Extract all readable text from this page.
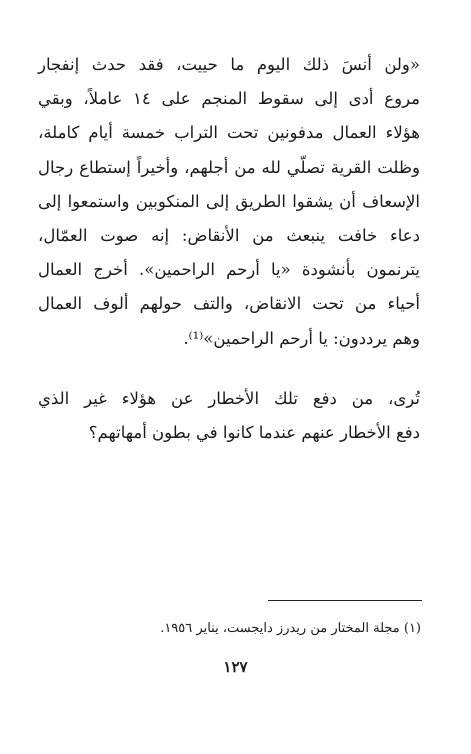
«ولن أنسَ ذلك اليوم ما حييت، فقد حدث إنفجار
مروع أدى إلى سقوط المنجم على ١٤ عاملاً، وبقي
هؤلاء العمال مدفونين تحت التراب خمسة أيام كاملة،
وظلت القرية تصلّي لله من أجلهم، وأخيراً إستطاع رجال
الإسعاف أن يشقوا الطريق إلى المنكوبين واستمعوا إلى
دعاء خافت ينبعث من الأنقاض: إنه صوت العمّال،
يترنمون بأنشودة «يا أرحم الراحمين». أخرج العمال
أحياء من تحت الانقاض، والتف حولهم ألوف العمال
وهم يرددون: يا أرحم الراحمين»⁽¹⁾.
تُرى، من دفع تلك الأخطار عن هؤلاء غير الذي
دفع الأخطار عنهم عندما كانوا في بطون أمهاتهم؟
(١) مجلة المختار من ريدرز دايجست، يناير ١٩٥٦.
١٢٧
